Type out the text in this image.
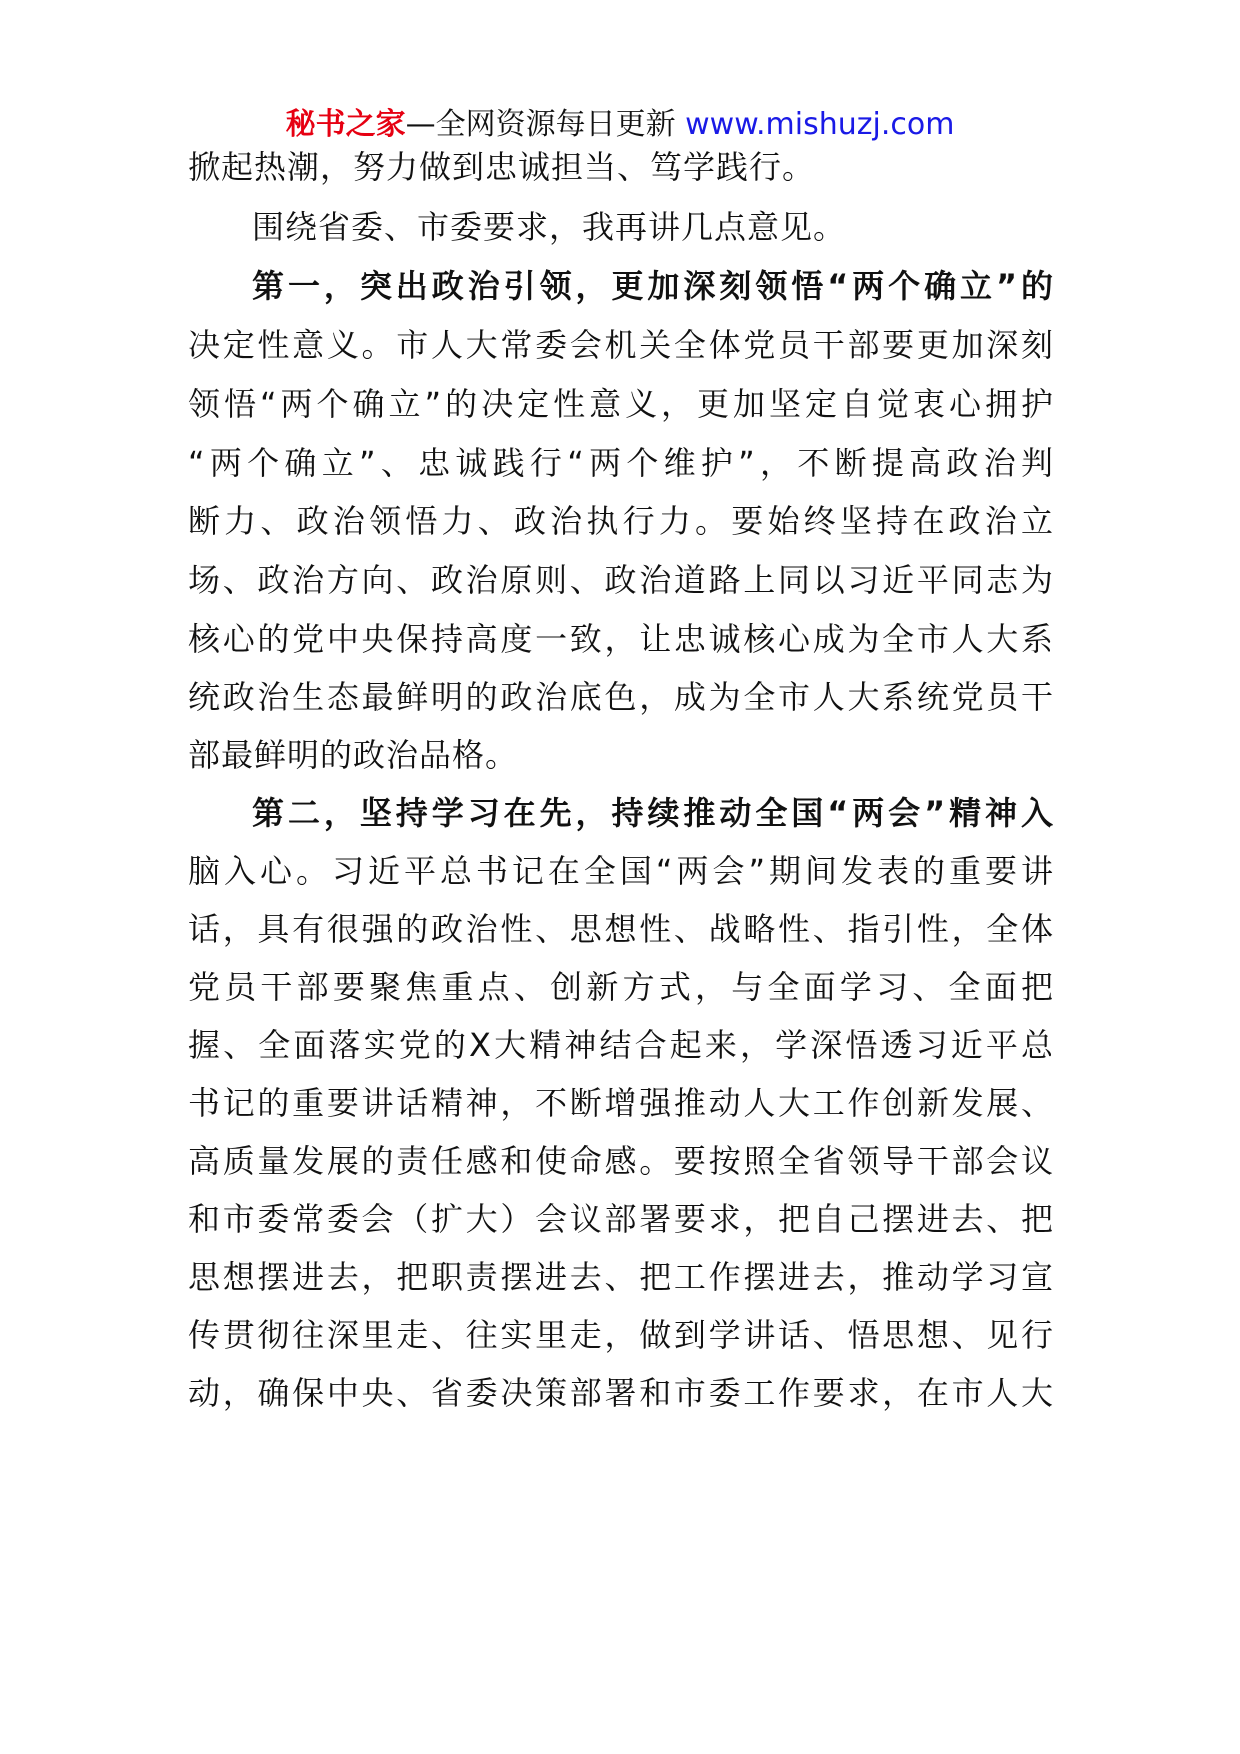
秘书之家—全网资源每日更新 www.mishuzj.com
掀起热潮，努力做到忠诚担当、笃学践行。
围绕省委、市委要求，我再讲几点意见。
第一，突出政治引领，更加深刻领悟“两个确立”的
决定性意义。市人大常委会机关全体党员干部要更加深刻
领悟“两个确立”的决定性意义，更加坚定自觉衷心拥护
“两个确立”、忠诚践行“两个维护”，不断提高政治判
断力、政治领悟力、政治执行力。要始终坚持在政治立
场、政治方向、政治原则、政治道路上同以习近平同志为
核心的党中央保持高度一致，让忠诚核心成为全市人大系
统政治生态最鲜明的政治底色，成为全市人大系统党员干
部最鲜明的政治品格。
第二，坚持学习在先，持续推动全国“两会”精神入
脑入心。习近平总书记在全国“两会”期间发表的重要讲
话，具有很强的政治性、思想性、战略性、指引性，全体
党员干部要聚焦重点、创新方式，与全面学习、全面把
握、全面落实党的X大精神结合起来，学深悟透习近平总
书记的重要讲话精神，不断增强推动人大工作创新发展、
高质量发展的责任感和使命感。要按照全省领导干部会议
和市委常委会（扩大）会议部署要求，把自己摆进去、把
思想摆进去，把职责摆进去、把工作摆进去，推动学习宣
传贯彻往深里走、往实里走，做到学讲话、悟思想、见行
动，确保中央、省委决策部署和市委工作要求，在市人大
